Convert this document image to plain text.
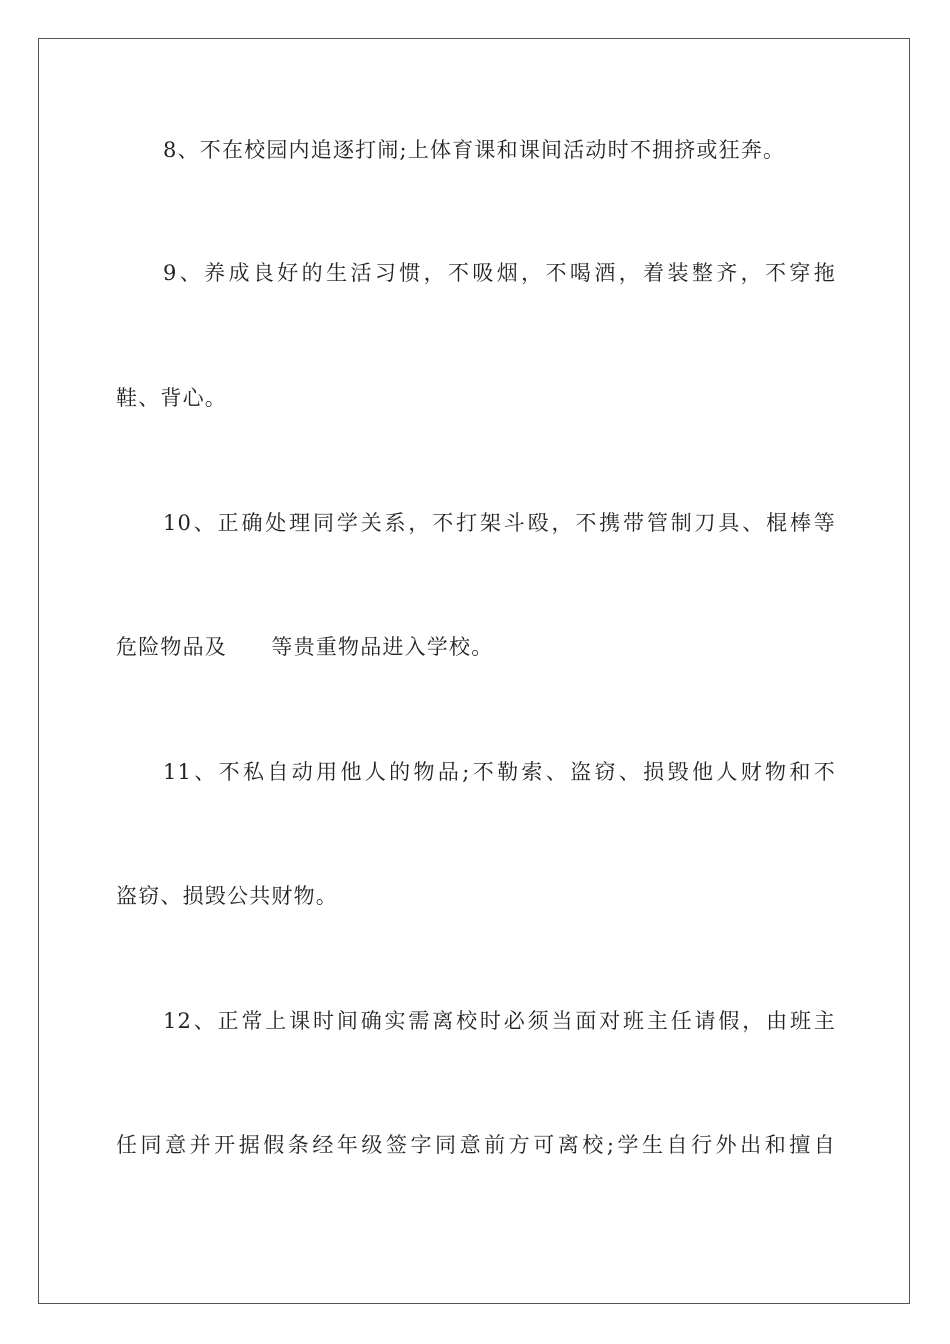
8、不在校园内追逐打闹;上体育课和课间活动时不拥挤或狂奔。
9、养成良好的生活习惯，不吸烟，不喝酒，着装整齐，不穿拖
鞋、背心。
10、正确处理同学关系，不打架斗殴，不携带管制刀具、棍棒等
危险物品及　　等贵重物品进入学校。
11、不私自动用他人的物品;不勒索、盗窃、损毁他人财物和不
盗窃、损毁公共财物。
12、正常上课时间确实需离校时必须当面对班主任请假，由班主
任同意并开据假条经年级签字同意前方可离校;学生自行外出和擅自
